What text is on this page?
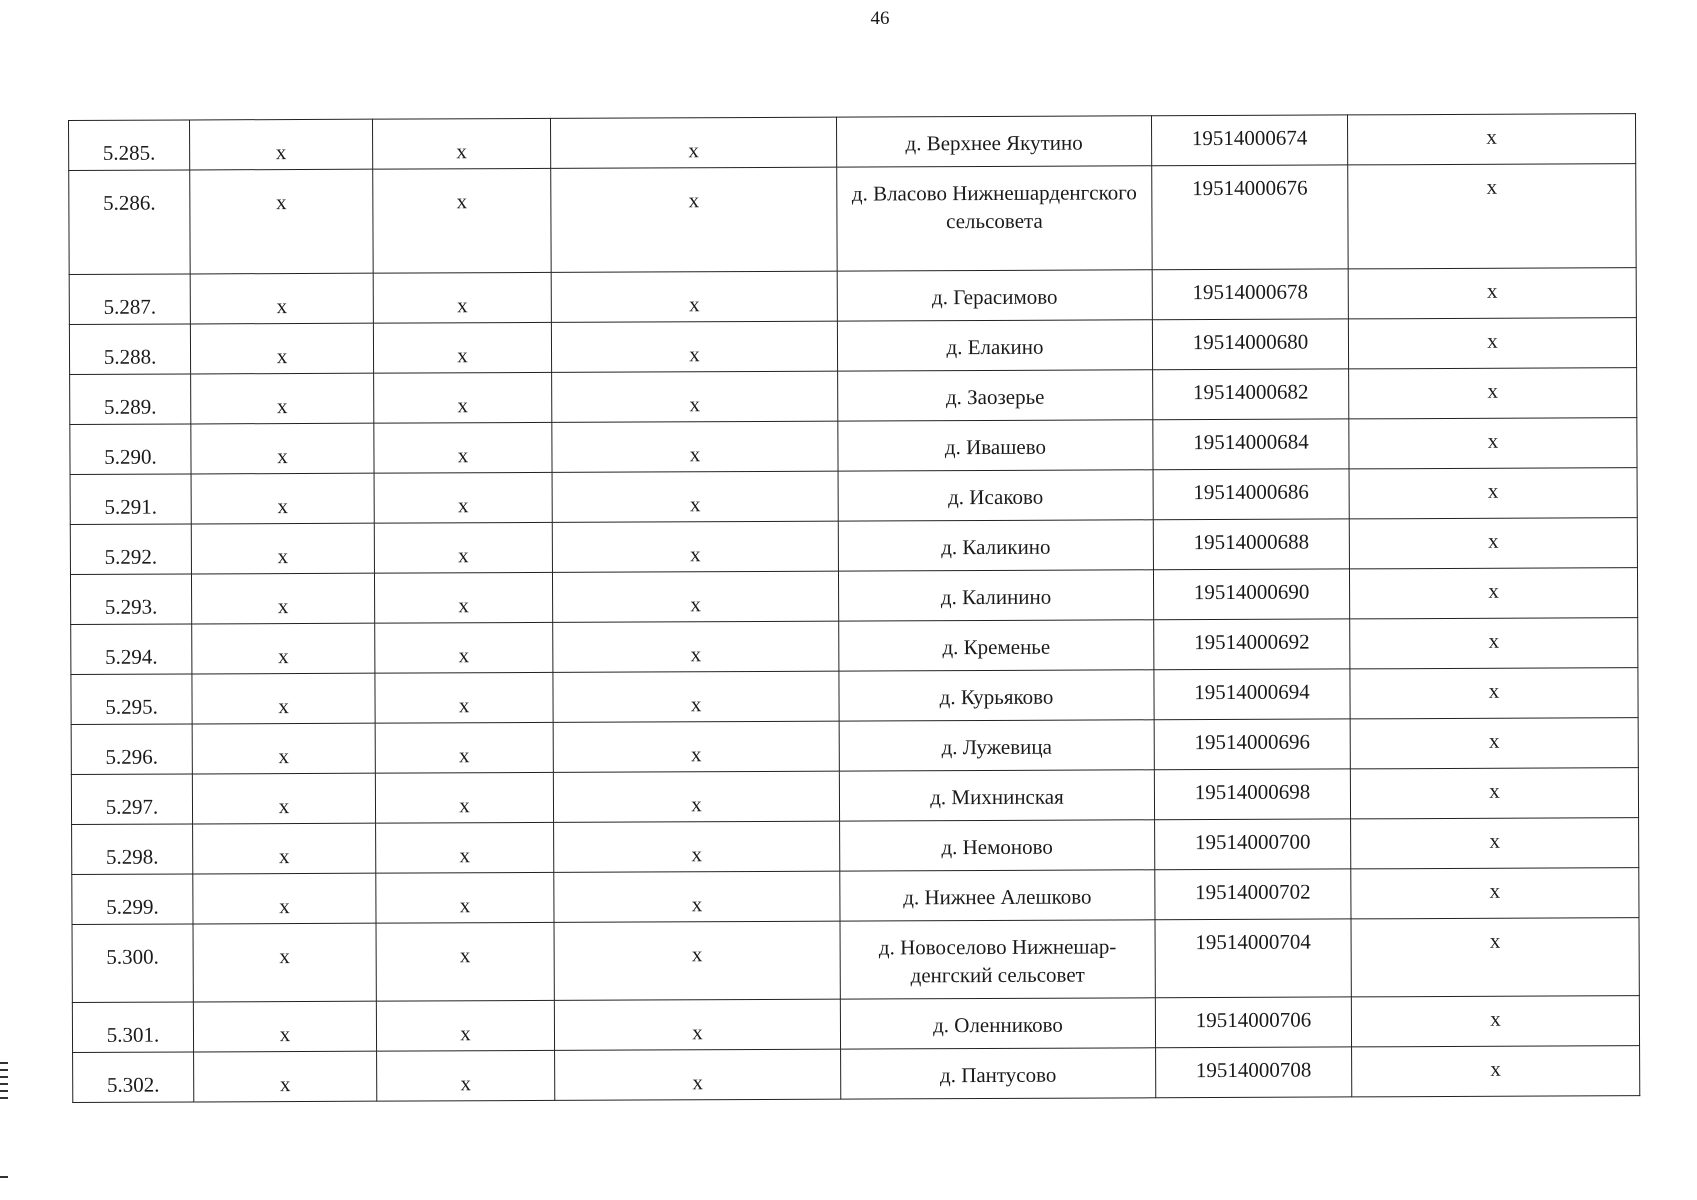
46
5.285.	x	x	x	д. Верхнее Якутино	19514000674	x
5.286.	x	x	x	д. Власово Нижнешарденгского сельсовета	19514000676	x
5.287.	x	x	x	д. Герасимово	19514000678	x
5.288.	x	x	x	д. Елакино	19514000680	x
5.289.	x	x	x	д. Заозерье	19514000682	x
5.290.	x	x	x	д. Ивашево	19514000684	x
5.291.	x	x	x	д. Исаково	19514000686	x
5.292.	x	x	x	д. Каликино	19514000688	x
5.293.	x	x	x	д. Калинино	19514000690	x
5.294.	x	x	x	д. Кременье	19514000692	x
5.295.	x	x	x	д. Курьяково	19514000694	x
5.296.	x	x	x	д. Лужевица	19514000696	x
5.297.	x	x	x	д. Михнинская	19514000698	x
5.298.	x	x	x	д. Немоново	19514000700	x
5.299.	x	x	x	д. Нижнее Алешково	19514000702	x
5.300.	x	x	x	д. Новоселово Нижнешар-денгский сельсовет	19514000704	x
5.301.	x	x	x	д. Оленниково	19514000706	x
5.302.	x	x	x	д. Пантусово	19514000708	x
